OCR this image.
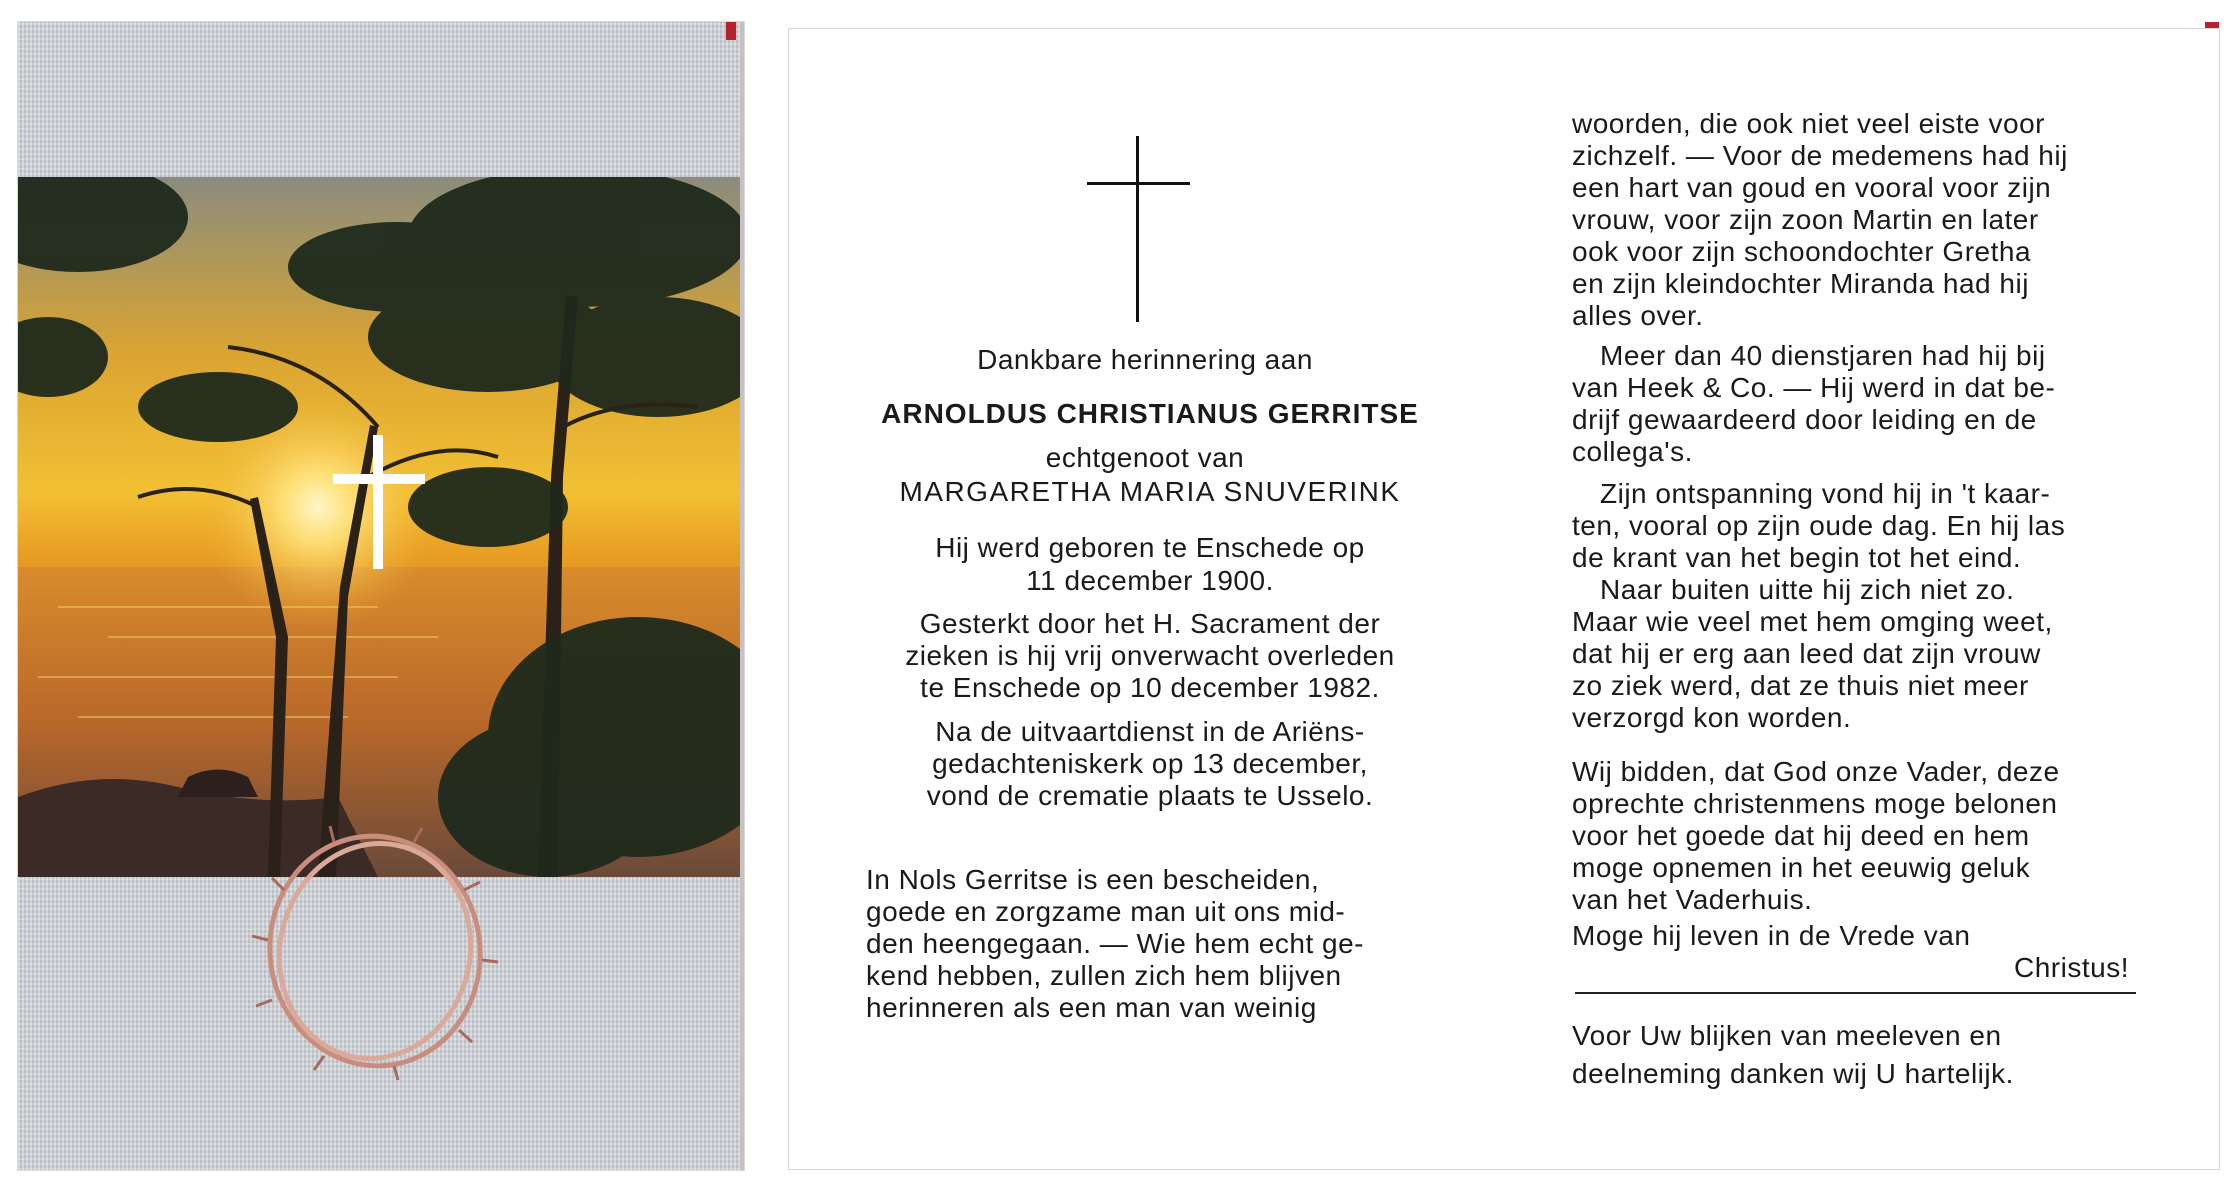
Dankbare herinnering aan
ARNOLDUS CHRISTIANUS GERRITSE
echtgenoot van
MARGARETHA MARIA SNUVERINK
Hij werd geboren te Enschede op
11 december 1900.
Gesterkt door het H. Sacrament der
zieken is hij vrij onverwacht overleden
te Enschede op 10 december 1982.
Na de uitvaartdienst in de Ariëns-
gedachteniskerk op 13 december,
vond de crematie plaats te Usselo.
In Nols Gerritse is een bescheiden,
goede en zorgzame man uit ons mid-
den heengegaan. — Wie hem echt ge-
kend hebben, zullen zich hem blijven
herinneren als een man van weinig
woorden, die ook niet veel eiste voor
zichzelf. — Voor de medemens had hij
een hart van goud en vooral voor zijn
vrouw, voor zijn zoon Martin en later
ook voor zijn schoondochter Gretha
en zijn kleindochter Miranda had hij
alles over.
Meer dan 40 dienstjaren had hij bij
van Heek & Co. — Hij werd in dat be-
drijf gewaardeerd door leiding en de
collega's.
Zijn ontspanning vond hij in 't kaar-
ten, vooral op zijn oude dag. En hij las
de krant van het begin tot het eind.
Naar buiten uitte hij zich niet zo.
Maar wie veel met hem omging weet,
dat hij er erg aan leed dat zijn vrouw
zo ziek werd, dat ze thuis niet meer
verzorgd kon worden.
Wij bidden, dat God onze Vader, deze
oprechte christenmens moge belonen
voor het goede dat hij deed en hem
moge opnemen in het eeuwig geluk
van het Vaderhuis.
Moge hij leven in de Vrede van
Christus!
Voor Uw blijken van meeleven en
deelneming danken wij U hartelijk.
